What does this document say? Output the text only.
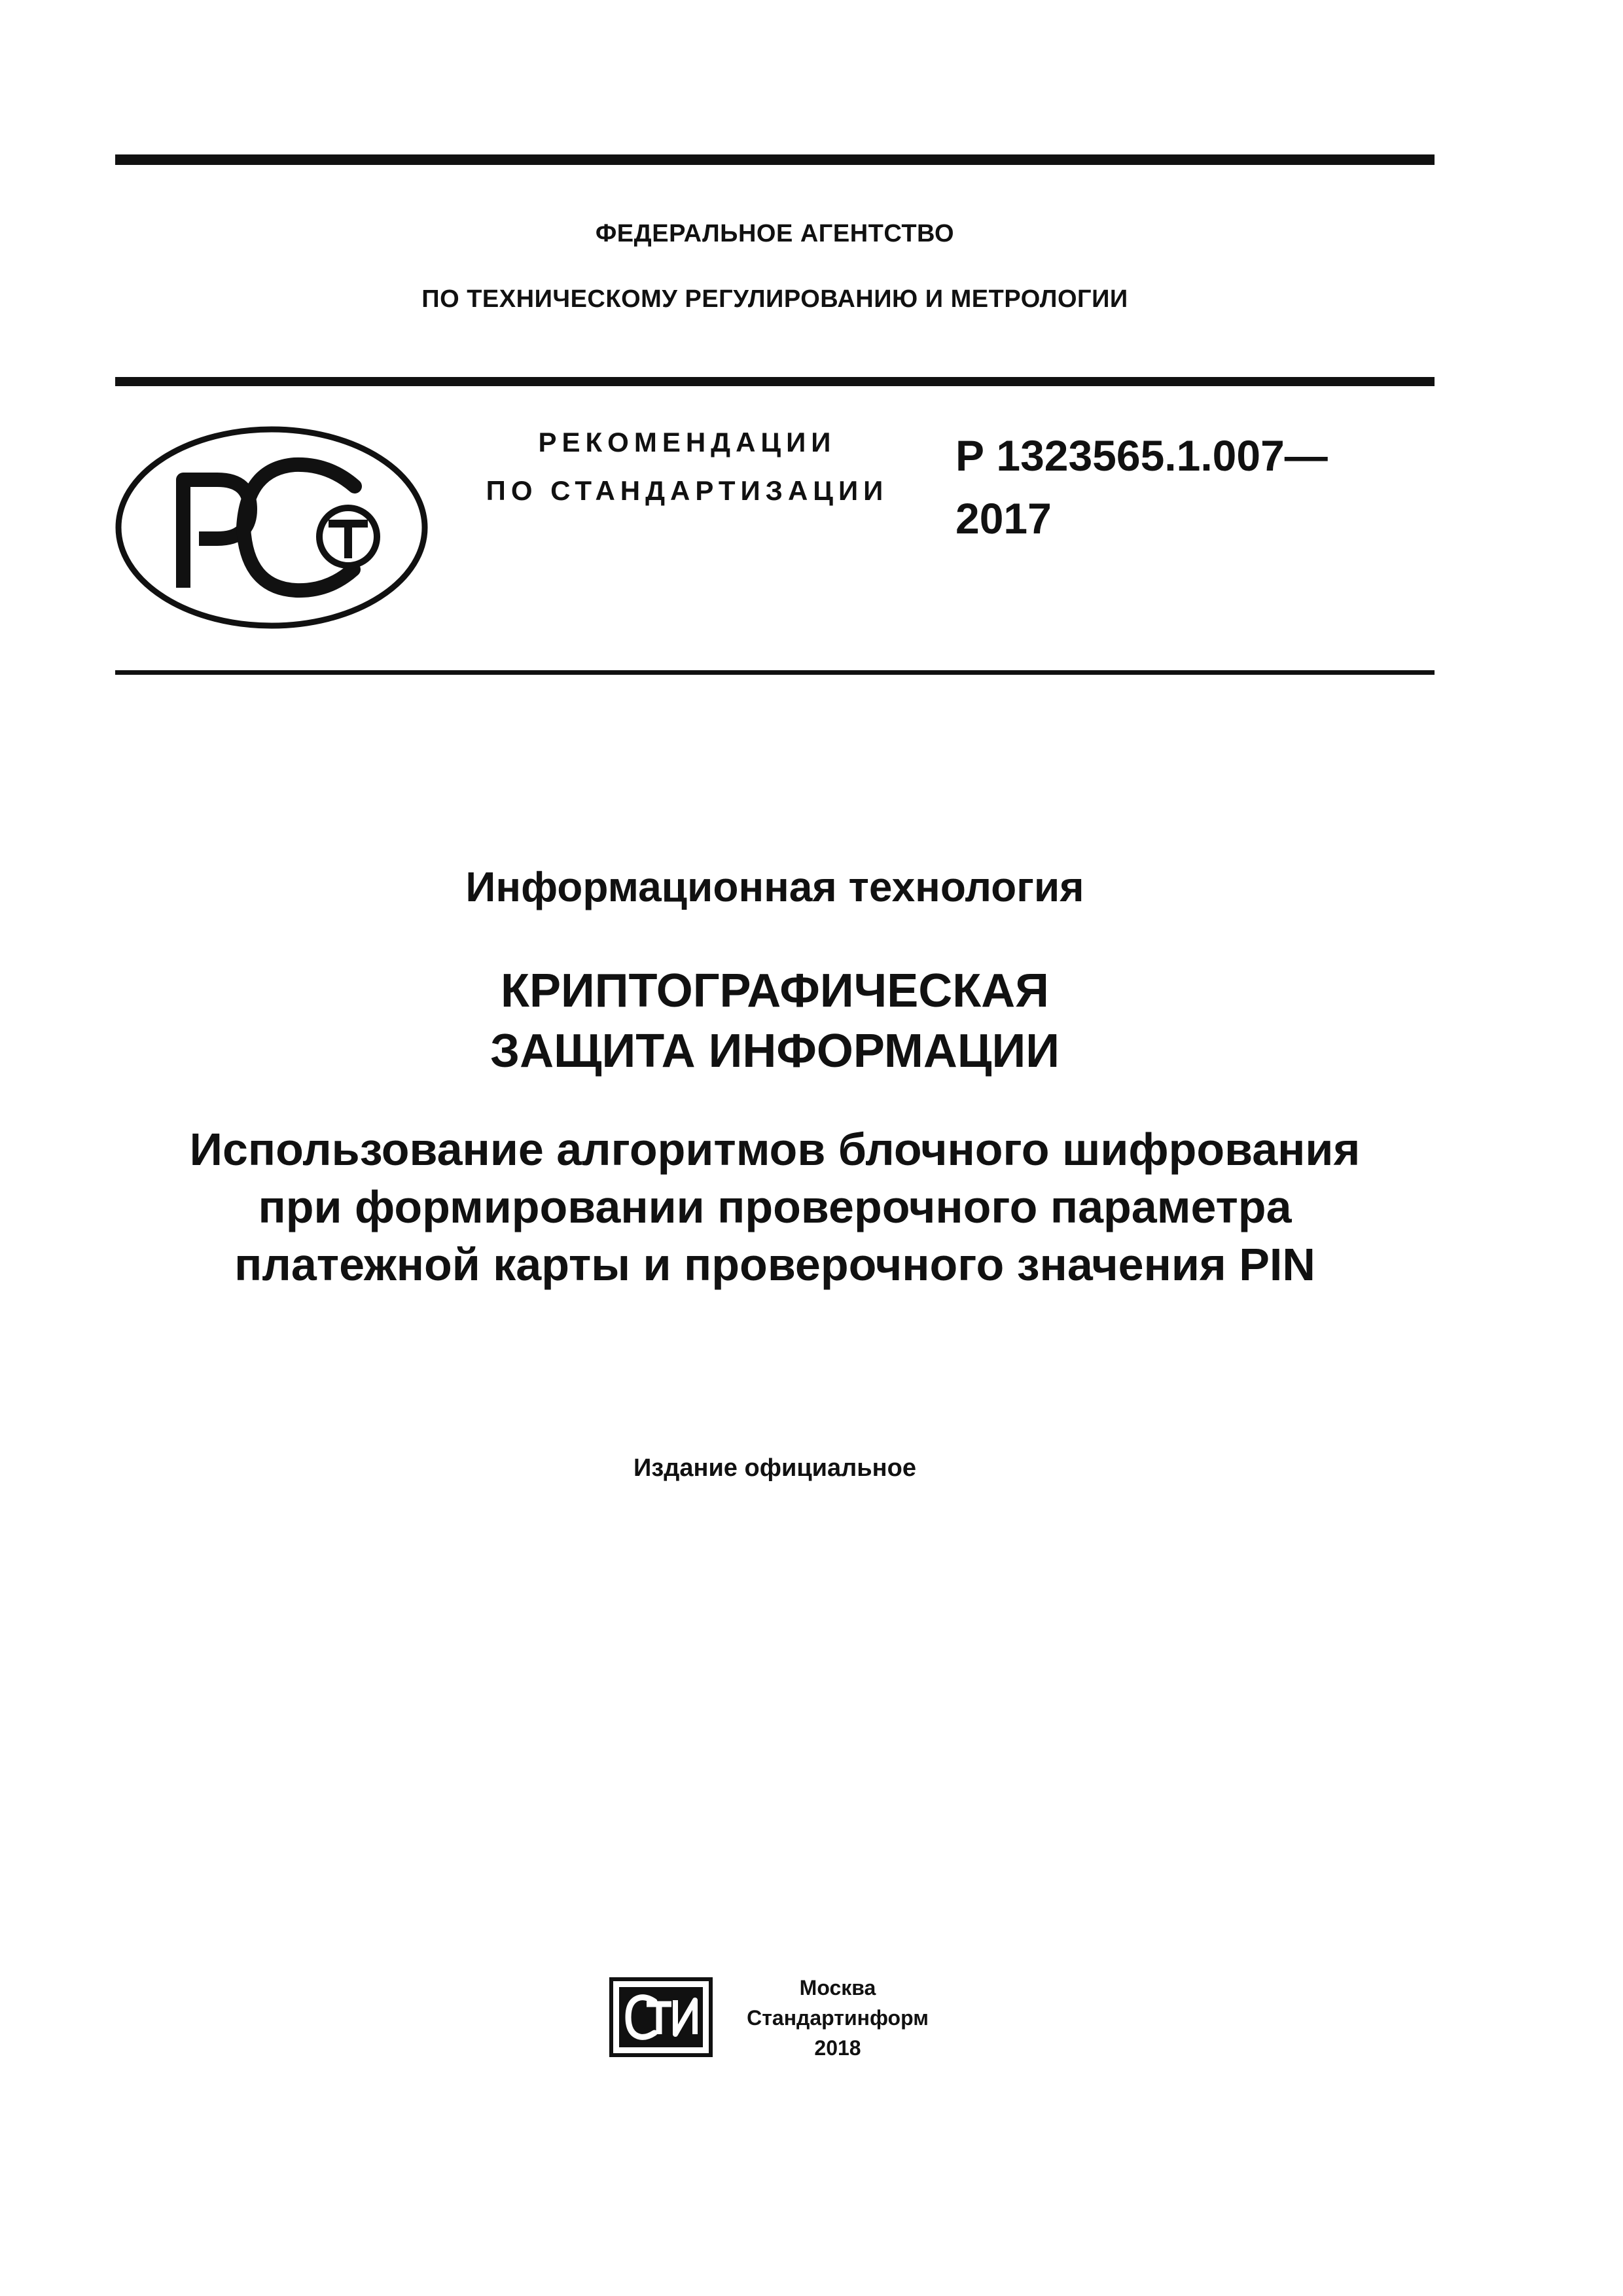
ФЕДЕРАЛЬНОЕ АГЕНТСТВО
ПО ТЕХНИЧЕСКОМУ РЕГУЛИРОВАНИЮ И МЕТРОЛОГИИ
РЕКОМЕНДАЦИИ
ПО СТАНДАРТИЗАЦИИ
Р 1323565.1.007—
2017
Информационная технология
КРИПТОГРАФИЧЕСКАЯ
ЗАЩИТА ИНФОРМАЦИИ
Использование алгоритмов блочного шифрования
при формировании проверочного параметра
платежной карты и проверочного значения PIN
Издание официальное
Москва
Стандартинформ
2018
